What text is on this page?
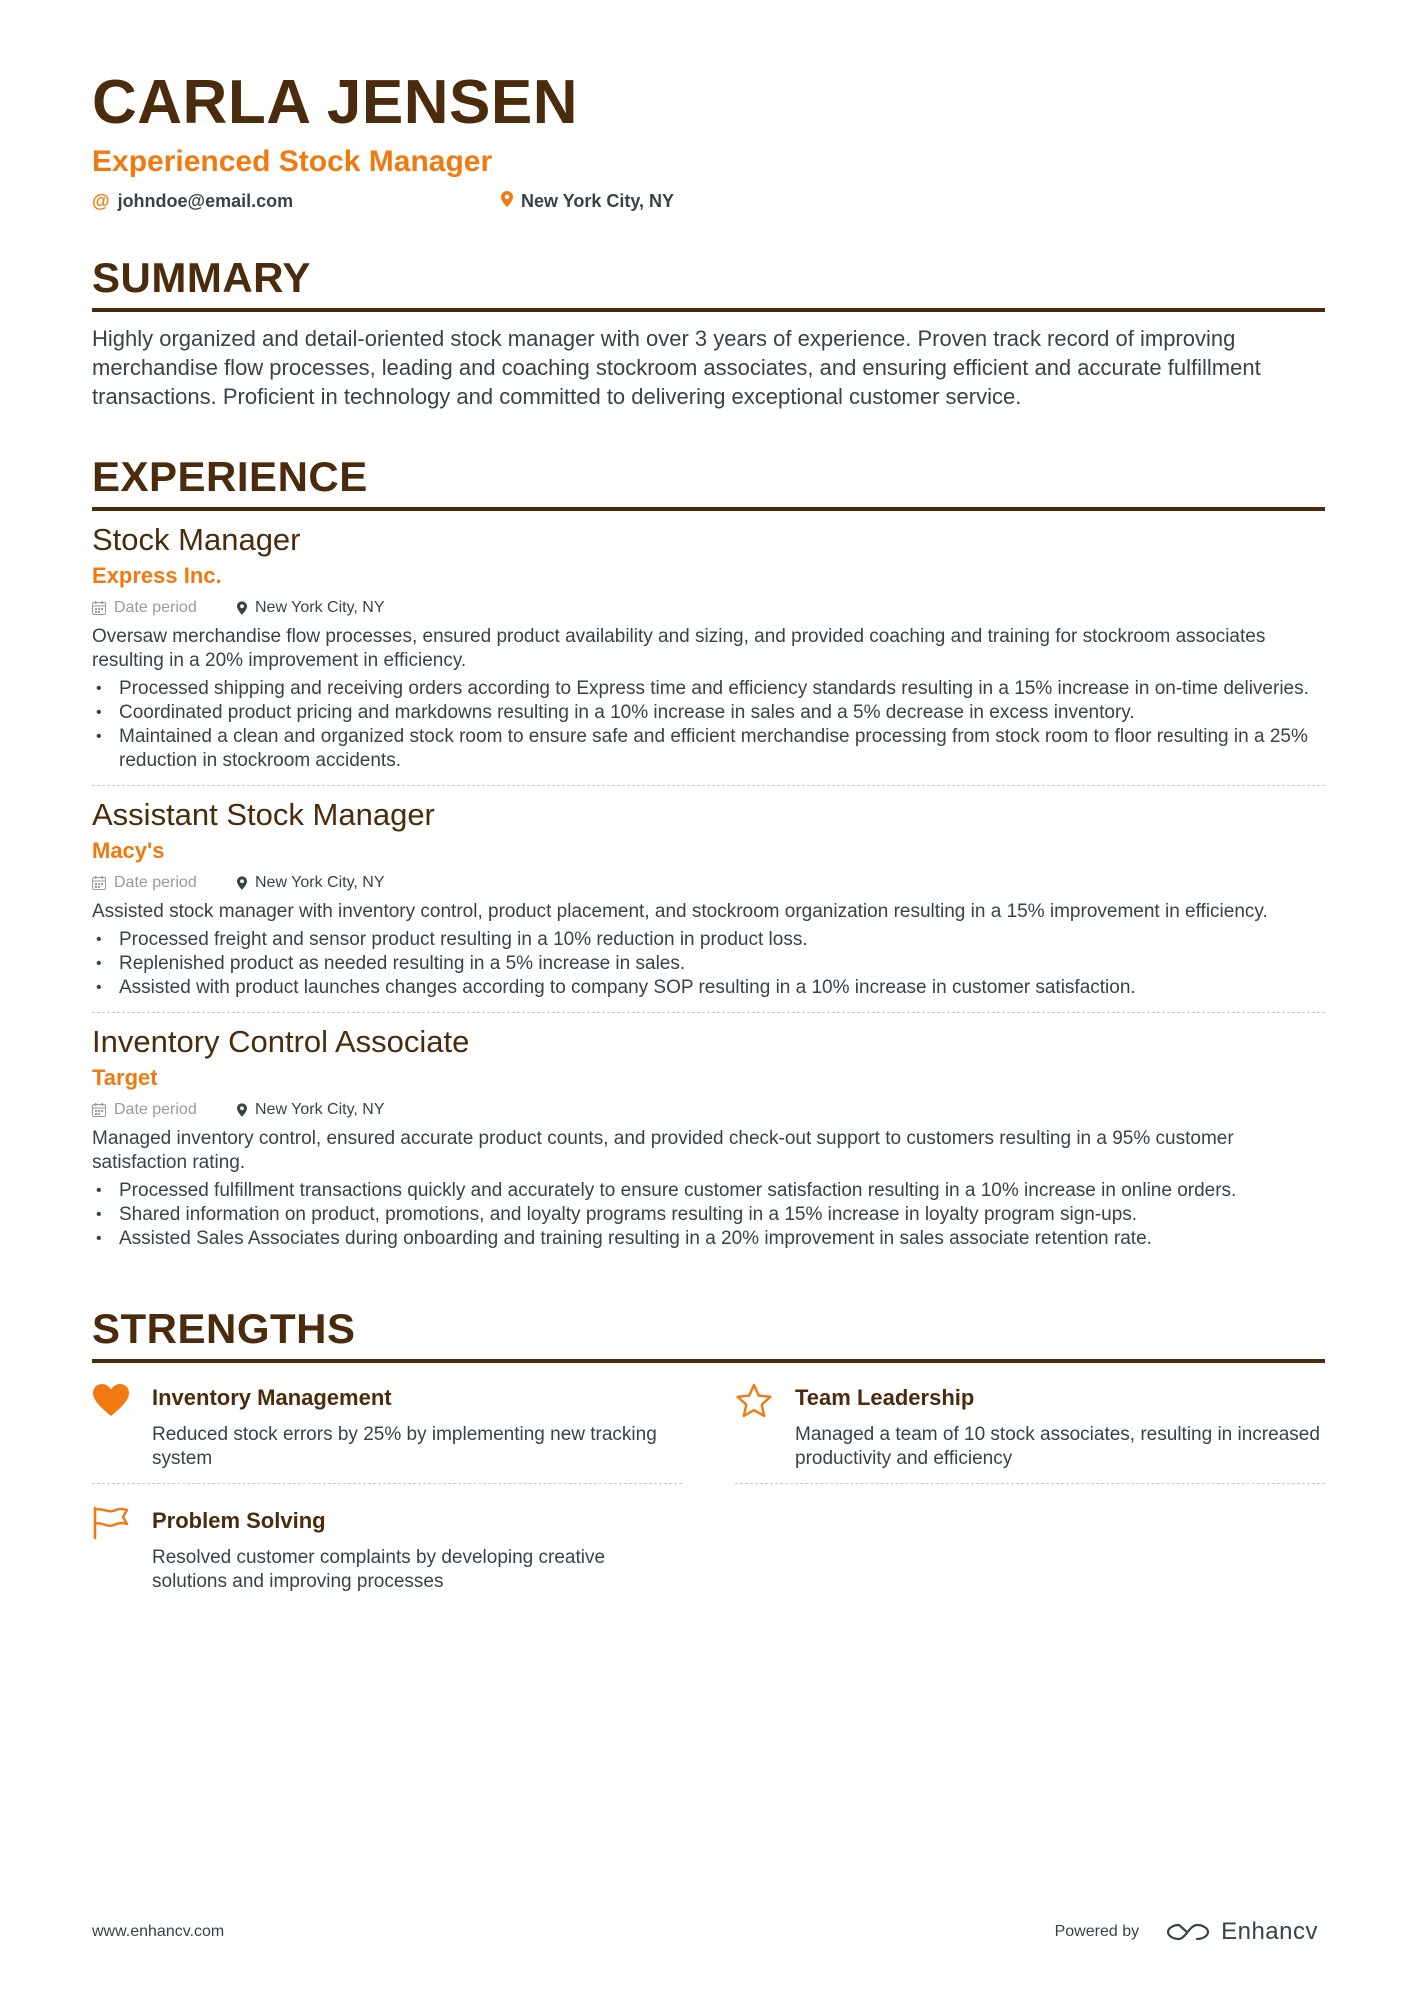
CARLA JENSEN
Experienced Stock Manager
@ johndoe@email.com	New York City, NY
SUMMARY
Highly organized and detail-oriented stock manager with over 3 years of experience. Proven track record of improving merchandise flow processes, leading and coaching stockroom associates, and ensuring efficient and accurate fulfillment transactions. Proficient in technology and committed to delivering exceptional customer service.
EXPERIENCE
Stock Manager
Express Inc.
Date period	New York City, NY
Oversaw merchandise flow processes, ensured product availability and sizing, and provided coaching and training for stockroom associates resulting in a 20% improvement in efficiency.
• Processed shipping and receiving orders according to Express time and efficiency standards resulting in a 15% increase in on-time deliveries.
• Coordinated product pricing and markdowns resulting in a 10% increase in sales and a 5% decrease in excess inventory.
• Maintained a clean and organized stock room to ensure safe and efficient merchandise processing from stock room to floor resulting in a 25% reduction in stockroom accidents.
Assistant Stock Manager
Macy's
Date period	New York City, NY
Assisted stock manager with inventory control, product placement, and stockroom organization resulting in a 15% improvement in efficiency.
• Processed freight and sensor product resulting in a 10% reduction in product loss.
• Replenished product as needed resulting in a 5% increase in sales.
• Assisted with product launches changes according to company SOP resulting in a 10% increase in customer satisfaction.
Inventory Control Associate
Target
Date period	New York City, NY
Managed inventory control, ensured accurate product counts, and provided check-out support to customers resulting in a 95% customer satisfaction rating.
• Processed fulfillment transactions quickly and accurately to ensure customer satisfaction resulting in a 10% increase in online orders.
• Shared information on product, promotions, and loyalty programs resulting in a 15% increase in loyalty program sign-ups.
• Assisted Sales Associates during onboarding and training resulting in a 20% improvement in sales associate retention rate.
STRENGTHS
Inventory Management
Reduced stock errors by 25% by implementing new tracking system
Team Leadership
Managed a team of 10 stock associates, resulting in increased productivity and efficiency
Problem Solving
Resolved customer complaints by developing creative solutions and improving processes
www.enhancv.com	Powered by	Enhancv
